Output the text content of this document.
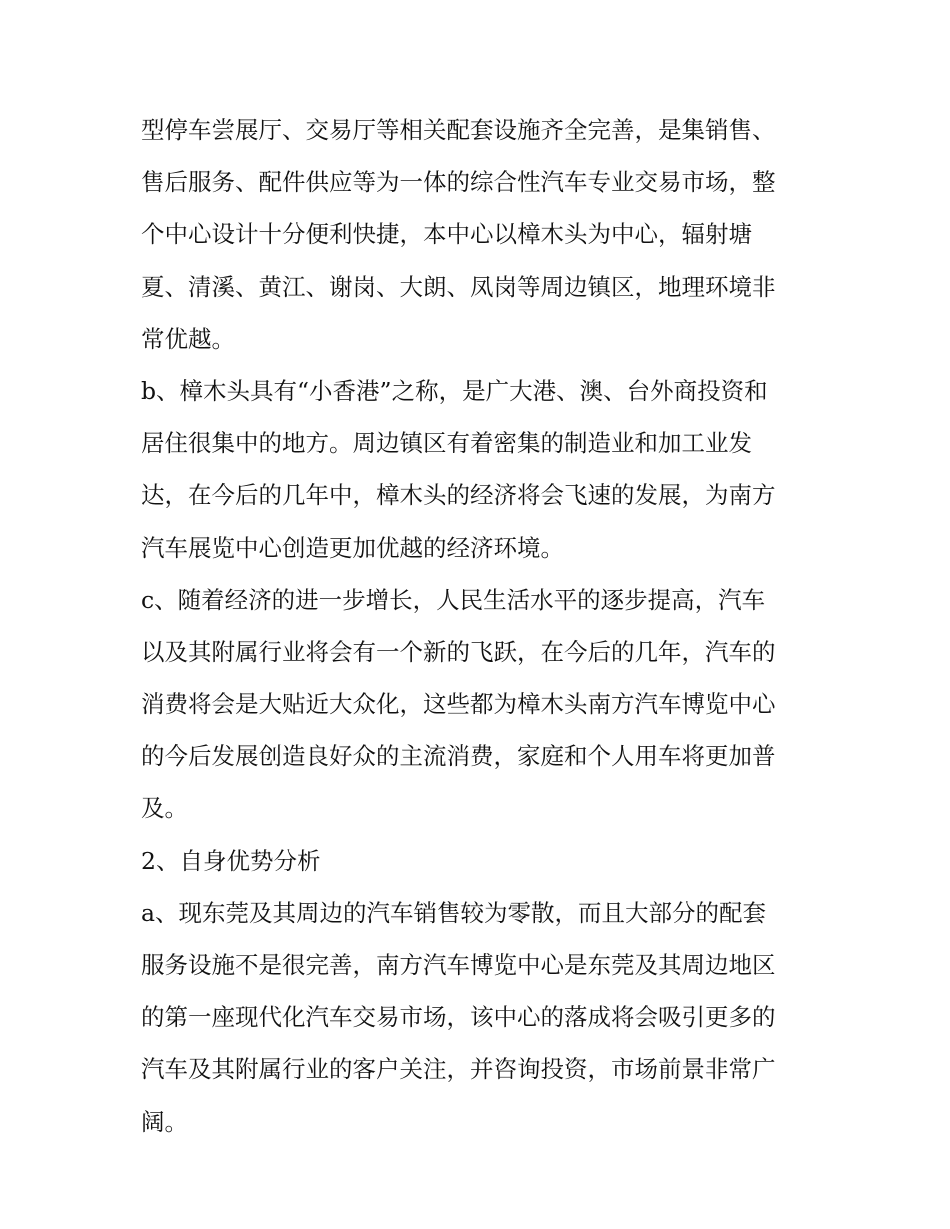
型停车尝展厅、交易厅等相关配套设施齐全完善，是集销售、
售后服务、配件供应等为一体的综合性汽车专业交易市场，整
个中心设计十分便利快捷，本中心以樟木头为中心，辐射塘
夏、清溪、黄江、谢岗、大朗、凤岗等周边镇区，地理环境非
常优越。
b、樟木头具有“小香港”之称，是广大港、澳、台外商投资和
居住很集中的地方。周边镇区有着密集的制造业和加工业发
达，在今后的几年中，樟木头的经济将会飞速的发展，为南方
汽车展览中心创造更加优越的经济环境。
c、随着经济的进一步增长，人民生活水平的逐步提高，汽车
以及其附属行业将会有一个新的飞跃，在今后的几年，汽车的
消费将会是大贴近大众化，这些都为樟木头南方汽车博览中心
的今后发展创造良好众的主流消费，家庭和个人用车将更加普
及。
2、自身优势分析
a、现东莞及其周边的汽车销售较为零散，而且大部分的配套
服务设施不是很完善，南方汽车博览中心是东莞及其周边地区
的第一座现代化汽车交易市场，该中心的落成将会吸引更多的
汽车及其附属行业的客户关注，并咨询投资，市场前景非常广
阔。
